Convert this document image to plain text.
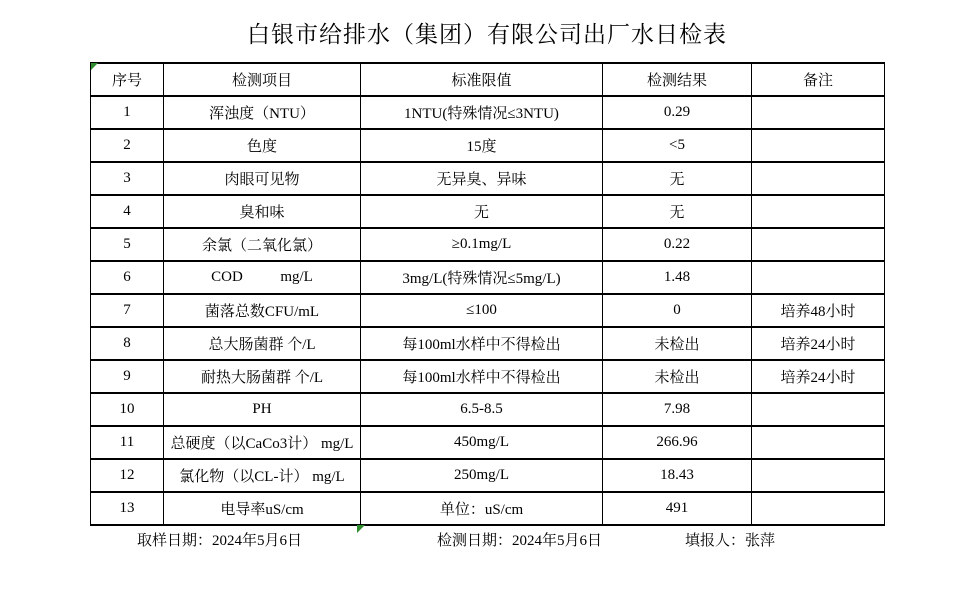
白银市给排水（集团）有限公司出厂水日检表
序号	检测项目	标准限值	检测结果	备注
1	浑浊度（NTU）	1NTU(特殊情况≤3NTU)	0.29	
2	色度	15度	<5	
3	肉眼可见物	无异臭、异味	无	
4	臭和味	无	无	
5	余氯（二氧化氯）	≥0.1mg/L	0.22	
6	COD          mg/L	3mg/L(特殊情况≤5mg/L)	1.48	
7	菌落总数CFU/mL	≤100	0	培养48小时
8	总大肠菌群 个/L	每100ml水样中不得检出	未检出	培养24小时
9	耐热大肠菌群 个/L	每100ml水样中不得检出	未检出	培养24小时
10	PH	6.5-8.5	7.98	
11	总硬度（以CaCo3计） mg/L	450mg/L	266.96	
12	氯化物（以CL-计） mg/L	250mg/L	18.43	
13	电导率uS/cm	单位：uS/cm	491	
取样日期：2024年5月6日	检测日期：2024年5月6日	填报人：张萍
